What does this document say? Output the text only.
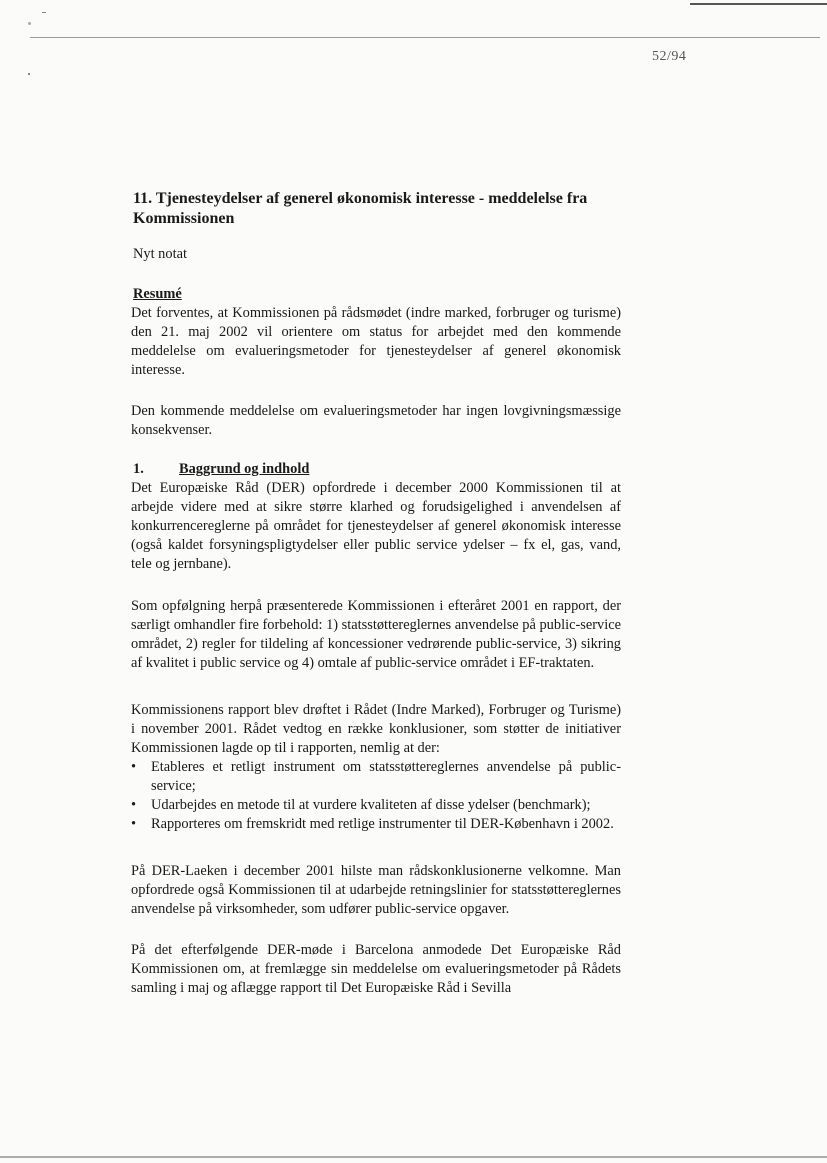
52/94
11. Tjenesteydelser af generel økonomisk interesse - meddelelse fra Kommissionen
Nyt notat
Resumé

Det forventes, at Kommissionen på rådsmødet (indre marked, forbruger og turisme) den 21. maj 2002 vil orientere om status for arbejdet med den kommende meddelelse om evalueringsmetoder for tjenesteydelser af generel økonomisk interesse.

Den kommende meddelelse om evalueringsmetoder har ingen lovgivningsmæssige konsekvenser.

1. Baggrund og indhold

Det Europæiske Råd (DER) opfordrede i december 2000 Kommissionen til at arbejde videre med at sikre større klarhed og forudsigelighed i anvendelsen af konkurrencereglerne på området for tjenesteydelser af generel økonomisk interesse (også kaldet forsyningspligtydelser eller public service ydelser – fx el, gas, vand, tele og jernbane).

Som opfølgning herpå præsenterede Kommissionen i efteråret 2001 en rapport, der særligt omhandler fire forbehold: 1) statsstøttereglernes anvendelse på public-service området, 2) regler for tildeling af koncessioner vedrørende public-service, 3) sikring af kvalitet i public service og 4) omtale af public-service området i EF-traktaten.

Kommissionens rapport blev drøftet i Rådet (Indre Marked), Forbruger og Turisme) i november 2001. Rådet vedtog en række konklusioner, som støtter de initiativer Kommissionen lagde op til i rapporten, nemlig at der:

• Etableres et retligt instrument om statsstøttereglernes anvendelse på public-service;
• Udarbejdes en metode til at vurdere kvaliteten af disse ydelser (benchmark);
• Rapporteres om fremskridt med retlige instrumenter til DER-København i 2002.

På DER-Laeken i december 2001 hilste man rådskonklusionerne velkomne. Man opfordrede også Kommissionen til at udarbejde retningslinier for statsstøttereglernes anvendelse på virksomheder, som udfører public-service opgaver.

På det efterfølgende DER-møde i Barcelona anmodede Det Europæiske Råd Kommissionen om, at fremlægge sin meddelelse om evalueringsmetoder på Rådets samling i maj og aflægge rapport til Det Europæiske Råd i Sevilla
